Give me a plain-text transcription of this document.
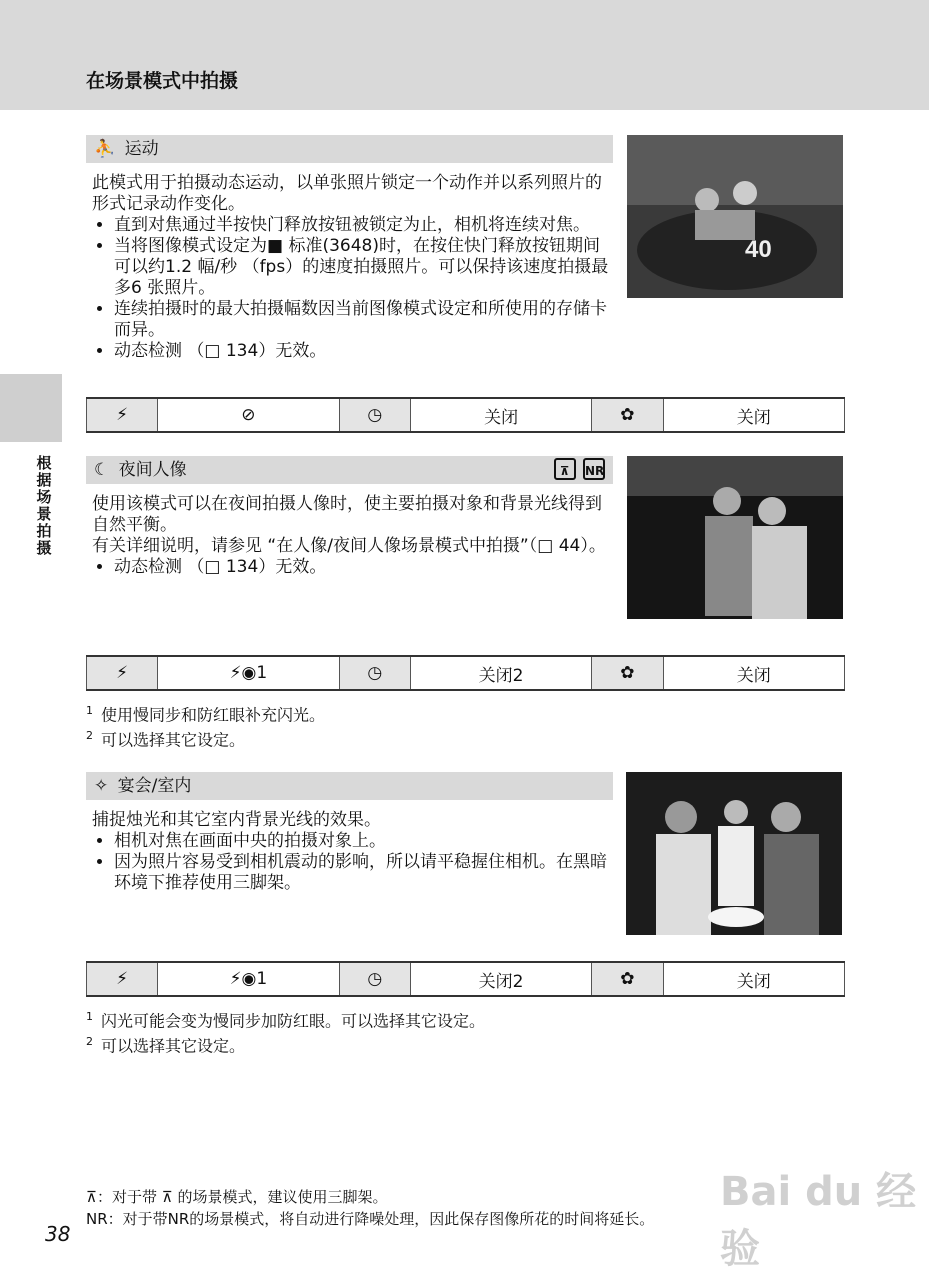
在场景模式中拍摄
根据场景拍摄
⛹ 运动

此模式用于拍摄动态运动，以单张照片锁定一个动作并以系列照片的形式记录动作变化。

• 直到对焦通过半按快门释放按钮被锁定为止，相机将连续对焦。
• 当将图像模式设定为■ 标准(3648)时，在按住快门释放按钮期间可以约1.2 幅/秒 （fps）的速度拍摄照片。可以保持该速度拍摄最多6 张照片。
• 连续拍摄时的最大拍摄幅数因当前图像模式设定和所使用的存储卡而异。
• 动态检测 （□ 134）无效。
40
⚡	⊘	◷	关闭	✿	关闭
☾ 夜间人像	⊼ NR

使用该模式可以在夜间拍摄人像时，使主要拍摄对象和背景光线得到自然平衡。

有关详细说明，请参见 “在人像/夜间人像场景模式中拍摄”（□ 44）。

• 动态检测 （□ 134）无效。
⚡	⚡◉1	◷	关闭2	✿	关闭
$^1$ 使用慢同步和防红眼补充闪光。
$^2$ 可以选择其它设定。
✧ 宴会/室内

捕捉烛光和其它室内背景光线的效果。

• 相机对焦在画面中央的拍摄对象上。
• 因为照片容易受到相机震动的影响，所以请平稳握住相机。在黑暗环境下推荐使用三脚架。
⚡	⚡◉1	◷	关闭2	✿	关闭
$^1$ 闪光可能会变为慢同步加防红眼。可以选择其它设定。
$^2$ 可以选择其它设定。
⊼：对于带 ⊼ 的场景模式，建议使用三脚架。
NR：对于带NR的场景模式，将自动进行降噪处理，因此保存图像所花的时间将延长。
38
Bai du 经验
